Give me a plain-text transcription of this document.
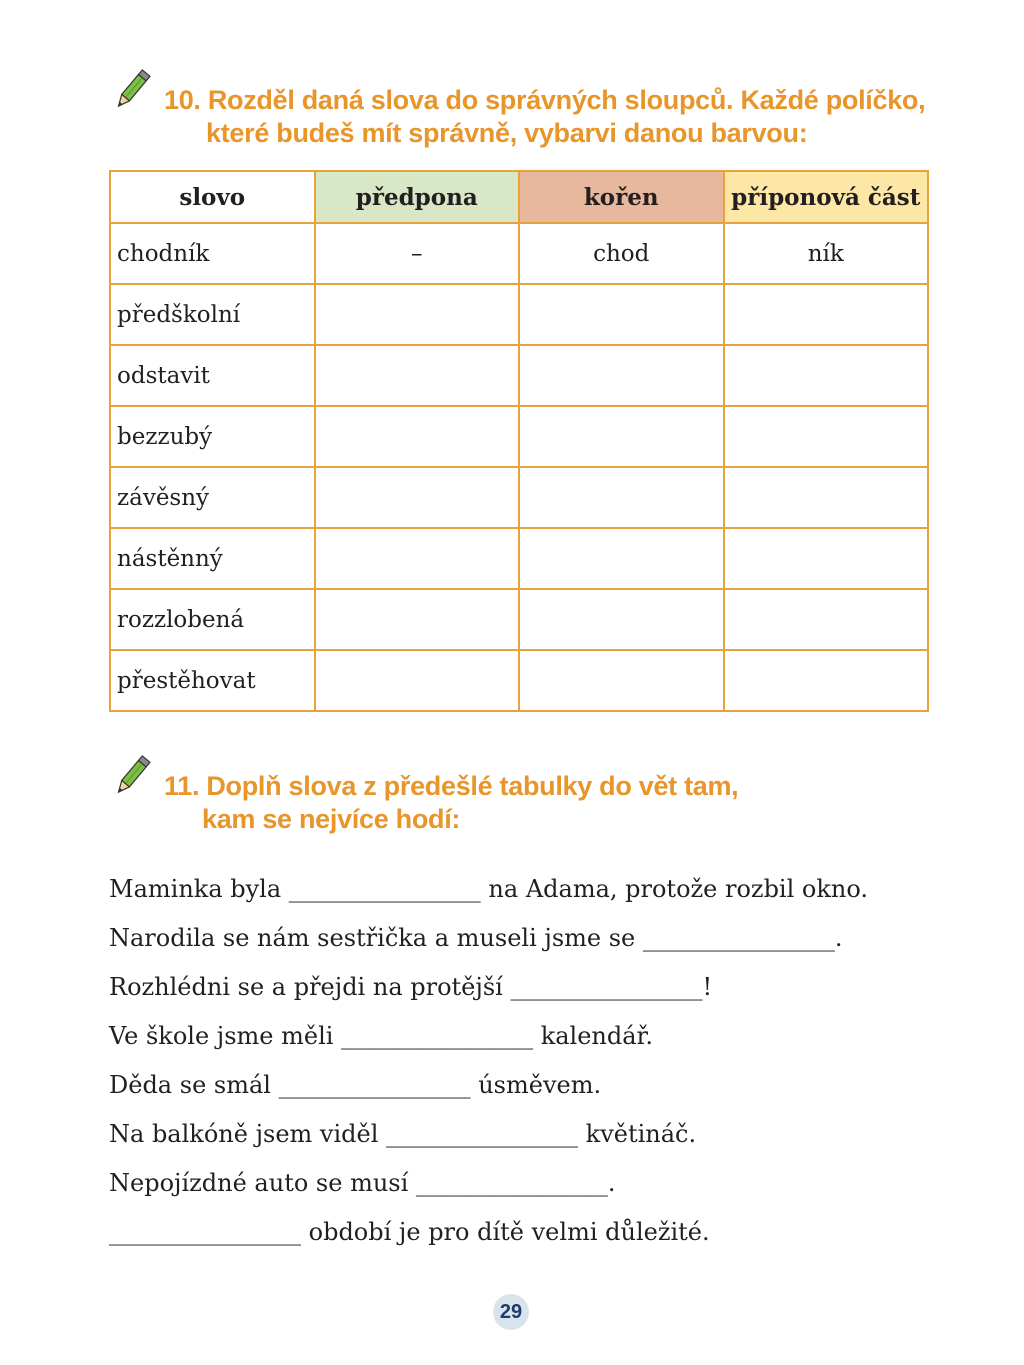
10. Rozděl daná slova do správných sloupců. Každé políčko,
které budeš mít správně, vybarvi danou barvou:
slovo	předpona	kořen	příponová část
chodník	–	chod	ník
předškolní			
odstavit			
bezzubý			
závěsný			
nástěnný			
rozzlobená			
přestěhovat			
11. Doplň slova z předešlé tabulky do vět tam,
kam se nejvíce hodí:
Maminka byla ________________ na Adama, protože rozbil okno.
Narodila se nám sestřička a museli jsme se ________________.
Rozhlédni se a přejdi na protější ________________!
Ve škole jsme měli ________________ kalendář.
Děda se smál ________________ úsměvem.
Na balkóně jsem viděl ________________ květináč.
Nepojízdné auto se musí ________________.
________________ období je pro dítě velmi důležité.
29
